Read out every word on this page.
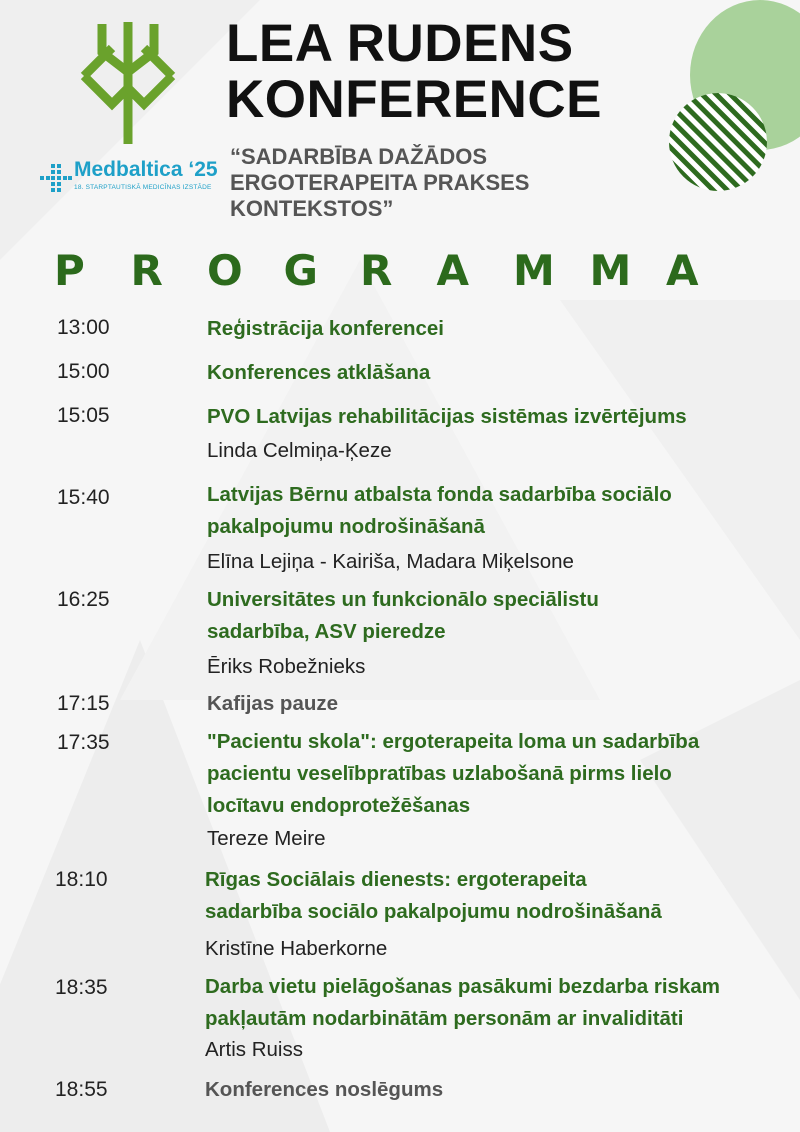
Medbaltica ‘25
18. STARPTAUTISKĀ MEDICĪNAS IZSTĀDE
LEA RUDENS
KONFERENCE

“SADARBĪBA DAŽĀDOS
ERGOTERAPEITA PRAKSES
KONTEKSTOS”

P R O G R A M M A
13:00	Reģistrācija konferencei
15:00	Konferences atklāšana
15:05	PVO Latvijas rehabilitācijas sistēmas izvērtējums
Linda Celmiņa-Ķeze
15:40	Latvijas Bērnu atbalsta fonda sadarbība sociālo
pakalpojumu nodrošināšanā
Elīna Lejiņa - Kairiša, Madara Miķelsone
16:25	Universitātes un funkcionālo speciālistu
sadarbība, ASV pieredze
Ēriks Robežnieks
17:15	Kafijas pauze
17:35	"Pacientu skola": ergoterapeita loma un sadarbība
pacientu veselībpratības uzlabošanā pirms lielo
locītavu endoprotežēšanas
Tereze Meire
18:10	Rīgas Sociālais dienests: ergoterapeita
sadarbība sociālo pakalpojumu nodrošināšanā
Kristīne Haberkorne
18:35	Darba vietu pielāgošanas pasākumi bezdarba riskam
pakļautām nodarbinātām personām ar invaliditāti
Artis Ruiss
18:55	Konferences noslēgums
